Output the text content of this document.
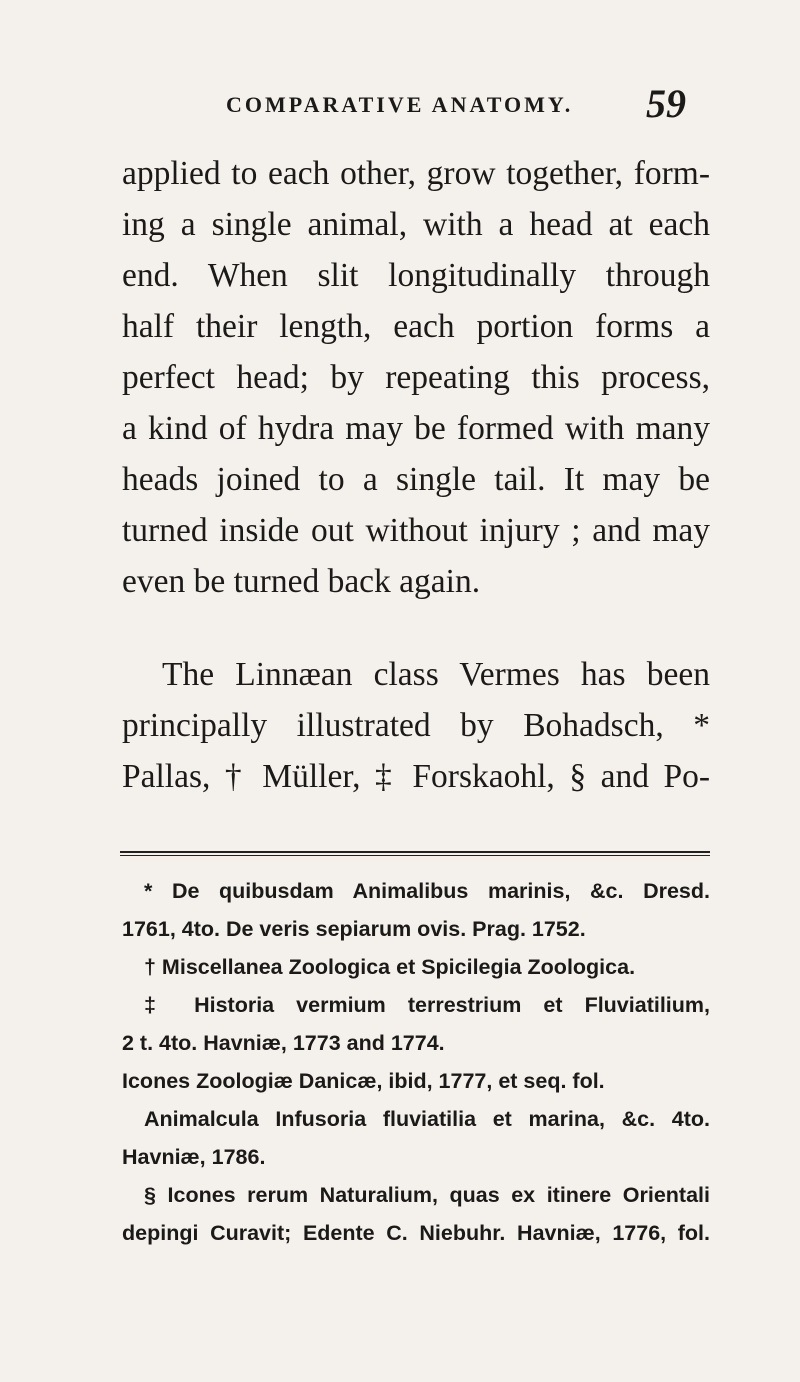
COMPARATIVE ANATOMY. 59
applied to each other, grow together, form-
ing a single animal, with a head at each
end. When slit longitudinally through
half their length, each portion forms a
perfect head; by repeating this process,
a kind of hydra may be formed with many
heads joined to a single tail. It may be
turned inside out without injury ; and may
even be turned back again.
The Linnæan class Vermes has been
principally illustrated by Bohadsch, *
Pallas, † Müller, ‡ Forskaohl, § and Po-
* De quibusdam Animalibus marinis, &c. Dresd.
1761, 4to. De veris sepiarum ovis. Prag. 1752.
† Miscellanea Zoologica et Spicilegia Zoologica.
‡ Historia vermium terrestrium et Fluviatilium,
2 t. 4to. Havniæ, 1773 and 1774.
Icones Zoologiæ Danicæ, ibid, 1777, et seq. fol.
Animalcula Infusoria fluviatilia et marina, &c. 4to.
Havniæ, 1786.
§ Icones rerum Naturalium, quas ex itinere Orientali
depingi Curavit; Edente C. Niebuhr. Havniæ, 1776, fol.
